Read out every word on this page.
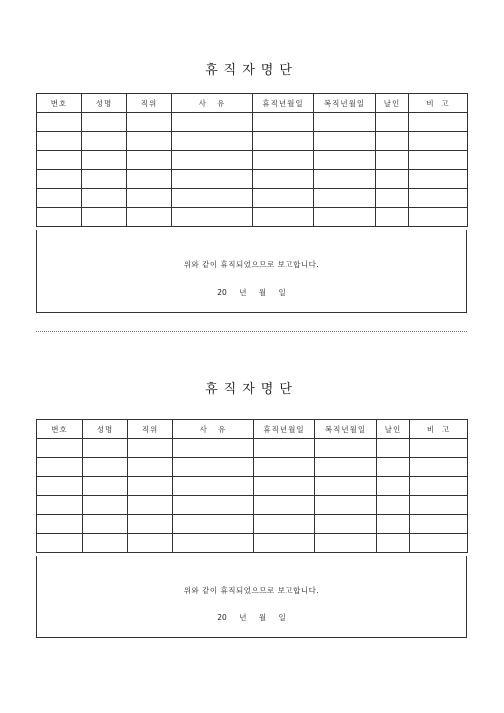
휴직자명단
번호	성명	직위	사   유	휴직년월일	복직년월일	날인	비  고

위와 같이 휴직되었으므로 보고합니다.
20 년 월 일
휴직자명단
번호	성명	직위	사   유	휴직년월일	복직년월일	날인	비  고

위와 같이 휴직되었으므로 보고합니다.
20 년 월 일
